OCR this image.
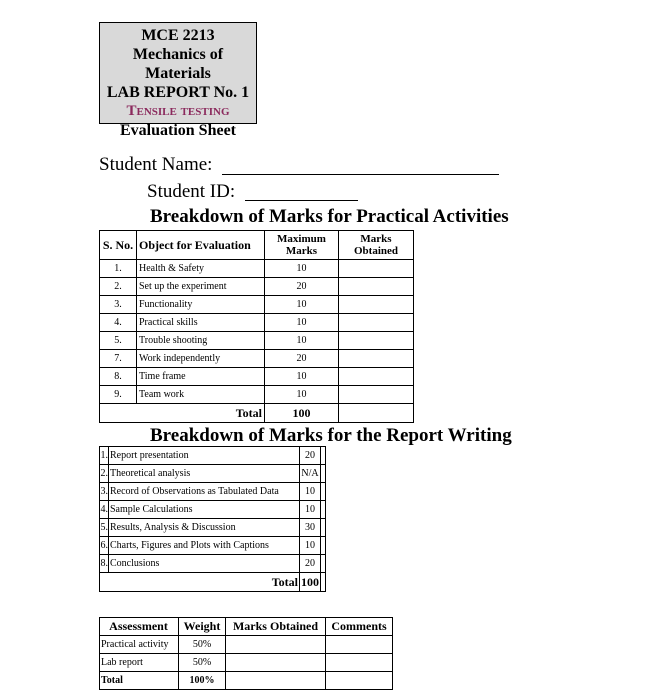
MCE 2213
Mechanics of Materials
LAB REPORT No. 1
Tensile testing
Evaluation Sheet
Student Name:
Student ID:
Breakdown of Marks for Practical Activities
S. No.	Object for Evaluation	Maximum Marks	Marks Obtained
1.	Health & Safety	10	
2.	Set up the experiment	20	
3.	Functionality	10	
4.	Practical skills	10	
5.	Trouble shooting	10	
7.	Work independently	20	
8.	Time frame	10	
9.	Team work	10	
Total		100	
Breakdown of Marks for the Report Writing
1.	Report presentation		20	
2.	Theoretical analysis		N/A	
3.	Record of Observations as Tabulated Data		10	
4.	Sample Calculations		10	
5.	Results, Analysis & Discussion		30	
6.	Charts, Figures and Plots with Captions		10	
8.	Conclusions		20	
Total		100	
Assessment	Weight	Marks Obtained	Comments
Practical activity	50%		
Lab report	50%		
Total	100%		
